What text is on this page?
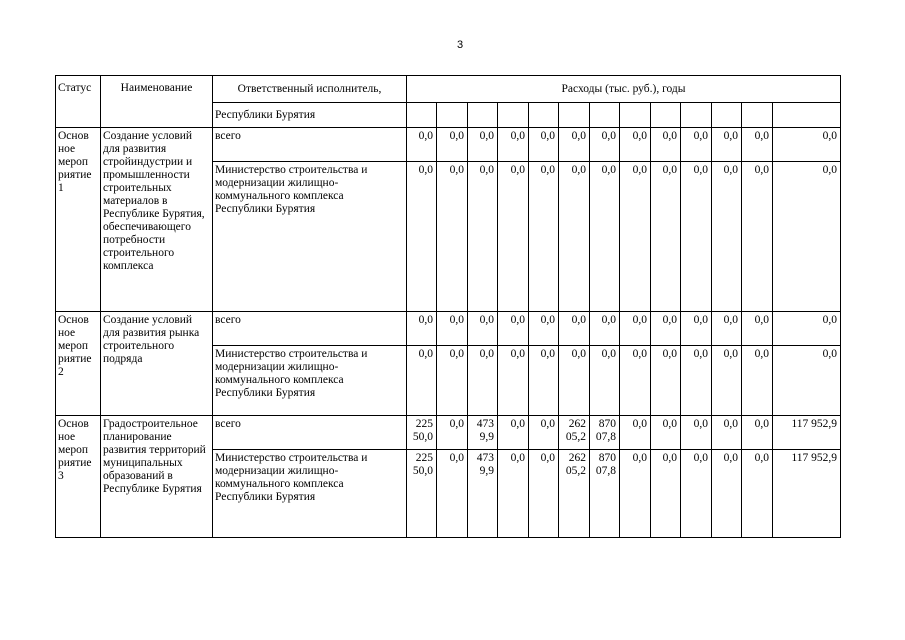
3
Статус	Наименование	Ответственный исполнитель,	Расходы (тыс. руб.), годы												
		Республики Бурятия													
Основ ное мероп риятие 1	Создание условий для развития стройиндустрии и промышленности строительных материалов в Республике Бурятия, обеспечивающего потребности строительного комплекса	всего	0,0	0,0	0,0	0,0	0,0	0,0	0,0	0,0	0,0	0,0	0,0	0,0	0,0
		Министерство строительства и модернизации жилищно-коммунального комплекса Республики Бурятия	0,0	0,0	0,0	0,0	0,0	0,0	0,0	0,0	0,0	0,0	0,0	0,0	0,0
Основ ное мероп риятие 2	Создание условий для развития рынка строительного подряда	всего	0,0	0,0	0,0	0,0	0,0	0,0	0,0	0,0	0,0	0,0	0,0	0,0	0,0
		Министерство строительства и модернизации жилищно-коммунального комплекса Республики Бурятия	0,0	0,0	0,0	0,0	0,0	0,0	0,0	0,0	0,0	0,0	0,0	0,0	0,0
Основ ное мероп риятие 3	Градостроительное планирование развития территорий муниципальных образований в Республике Бурятия	всего	225 50,0	0,0	473 9,9	0,0	0,0	262 05,2	870 07,8	0,0	0,0	0,0	0,0	0,0	117 952,9
		Министерство строительства и модернизации жилищно-коммунального комплекса Республики Бурятия	225 50,0	0,0	473 9,9	0,0	0,0	262 05,2	870 07,8	0,0	0,0	0,0	0,0	0,0	117 952,9
